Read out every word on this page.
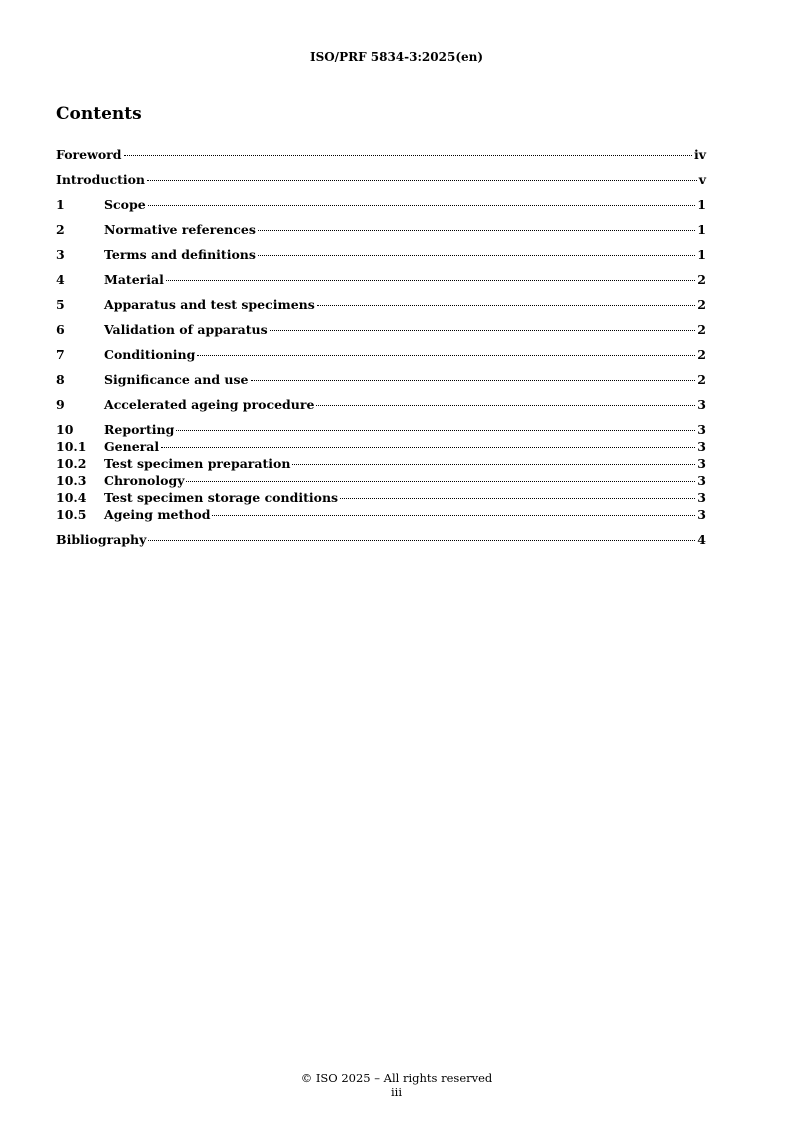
ISO/PRF 5834-3:2025(en)
Contents
Foreword	iv
Introduction	v
1	Scope	1
2	Normative references	1
3	Terms and definitions	1
4	Material	2
5	Apparatus and test specimens	2
6	Validation of apparatus	2
7	Conditioning	2
8	Significance and use	2
9	Accelerated ageing procedure	3
10	Reporting	3
10.1	General	3
10.2	Test specimen preparation	3
10.3	Chronology	3
10.4	Test specimen storage conditions	3
10.5	Ageing method	3
Bibliography	4
© ISO 2025 – All rights reserved
iii
